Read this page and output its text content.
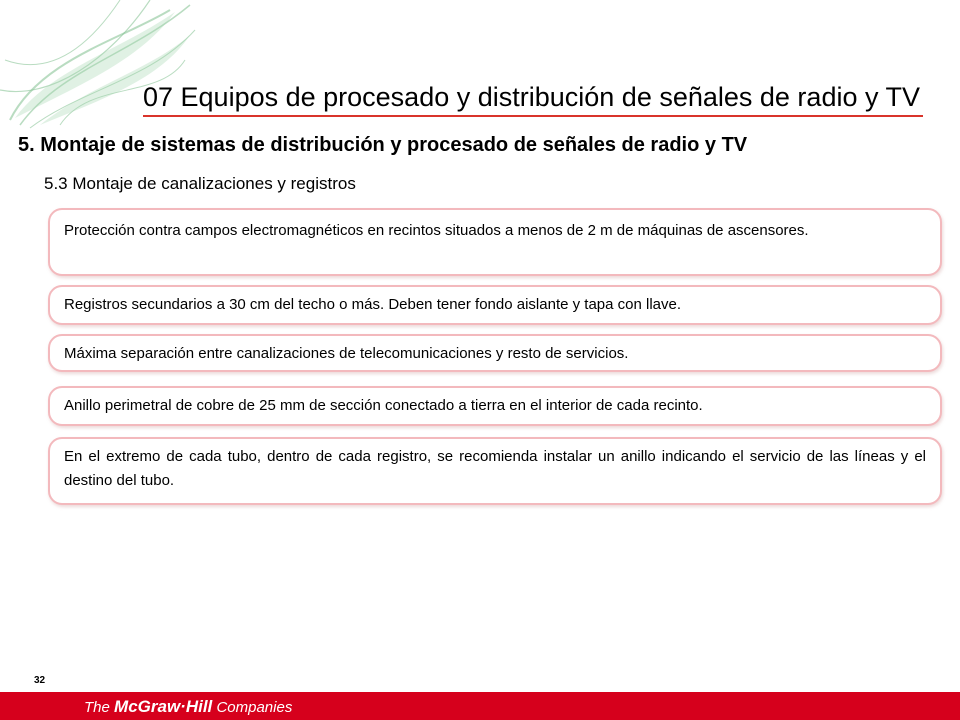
07 Equipos de procesado y distribución de señales de radio y TV
5. Montaje de sistemas de distribución y procesado de señales de radio y TV
5.3 Montaje de canalizaciones y registros
Protección contra campos electromagnéticos en recintos situados a menos de 2 m de máquinas de ascensores.
Registros secundarios a 30 cm del techo o más. Deben tener fondo aislante y tapa con llave.
Máxima separación entre canalizaciones de telecomunicaciones y resto de servicios.
Anillo perimetral de cobre de 25 mm de sección conectado a tierra en el interior de cada recinto.
En el extremo de cada tubo, dentro de cada registro, se recomienda instalar un anillo indicando el servicio de las líneas y el destino del tubo.
32
The McGraw·Hill Companies
